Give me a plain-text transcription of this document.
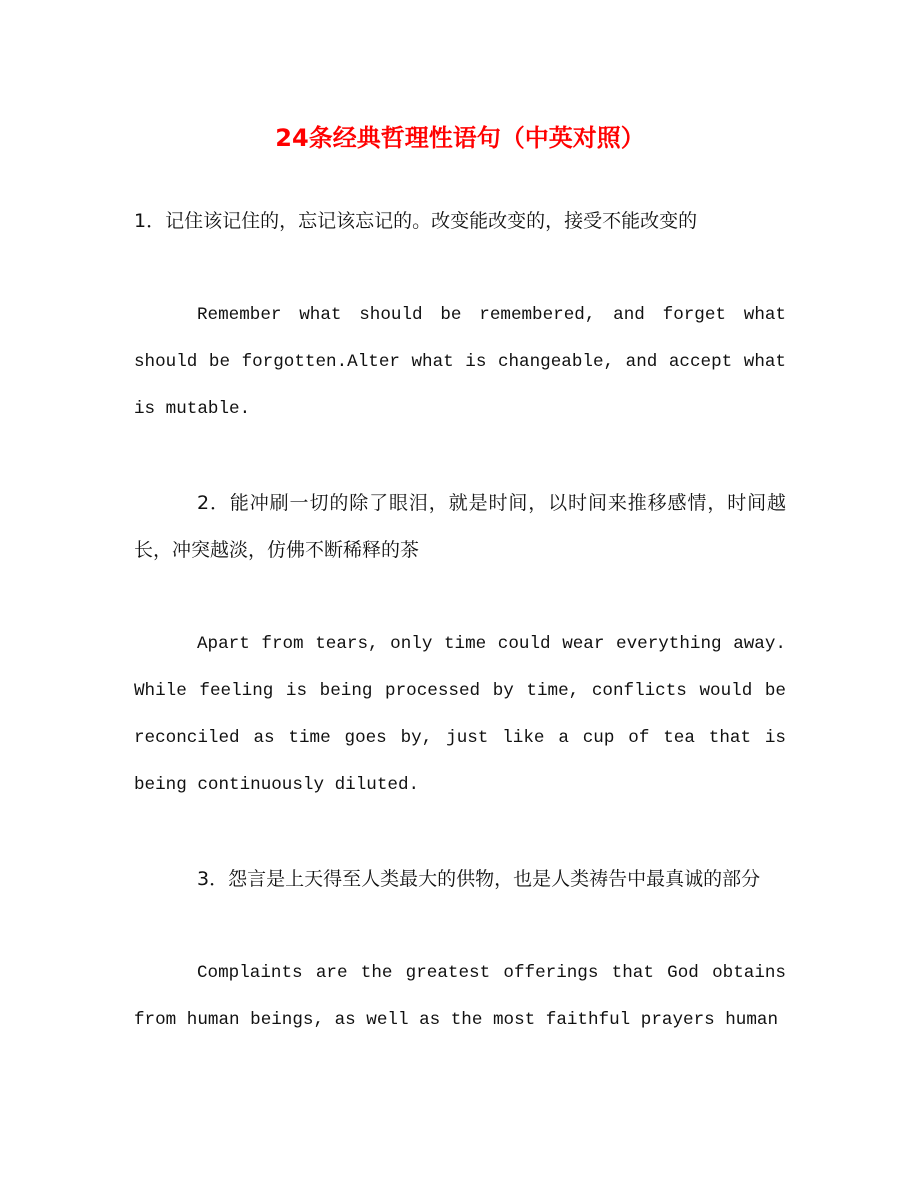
24条经典哲理性语句（中英对照）

1．记住该记住的，忘记该忘记的。改变能改变的，接受不能改变的

Remember what should be remembered, and forget what should be forgotten.Alter what is changeable, and accept what is mutable.

2．能冲刷一切的除了眼泪，就是时间，以时间来推移感情，时间越长，冲突越淡，仿佛不断稀释的茶

Apart from tears, only time could wear everything away. While feeling is being processed by time, conflicts would be reconciled as time goes by, just like a cup of tea that is being continuously diluted.

3．怨言是上天得至人类最大的供物，也是人类祷告中最真诚的部分

Complaints are the greatest offerings that God obtains from human beings, as well as the most faithful prayers human
